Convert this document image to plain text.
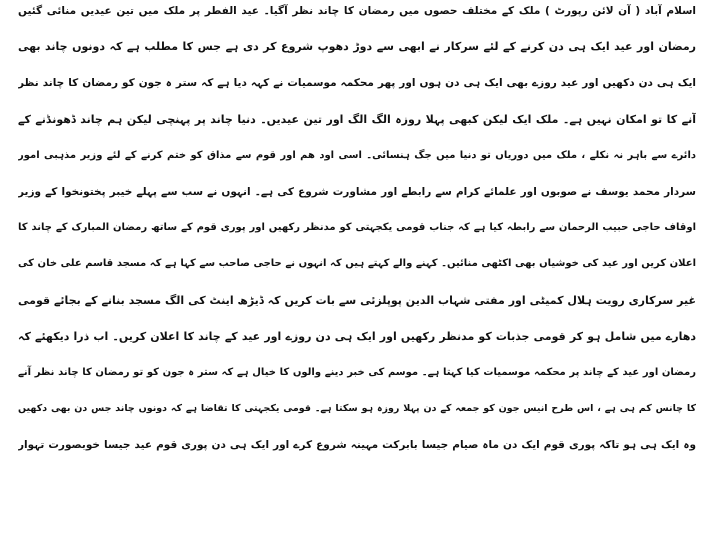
اسلام آباد ( آن لائن رپورٹ ) ملک کے مختلف حصوں میں رمضان کا چاند نظر آگیا۔ عید الفطر پر ملک میں تین عیدیں منائی گئیں
رمضان اور عید ایک ہی دن کرنے کے لئے سرکار نے ابھی سے دوڑ دھوپ شروع کر دی ہے جس کا مطلب ہے کہ دونوں چاند بھی
ایک ہی دن دکھیں اور عید روزے بھی ایک ہی دن ہوں اور پھر محکمہ موسمیات نے کہہ دیا ہے کہ ستر ہ جون کو رمضان کا چاند نظر
آنے کا تو امکان نہیں ہے۔ ملک ایک لیکن کبھی پہلا روزہ الگ الگ اور تین عیدیں۔ دنیا چاند پر پہنچی لیکن ہم چاند ڈھونڈنے کے
دائرے سے باہر نہ نکلے ، ملک میں دوریاں تو دنیا میں جگ ہنسائی۔ اسی اود ھم اور قوم سے مذاق کو ختم کرنے کے لئے وزیر مذہبی امور
سردار محمد یوسف نے صوبوں اور علمائے کرام سے رابطے اور مشاورت شروع کی ہے۔ انہوں نے سب سے پہلے خیبر پختونخوا کے وزیر
اوقاف حاجی حبیب الرحمان سے رابطہ کیا ہے کہ جناب قومی یکجہتی کو مدنظر رکھیں اور پوری قوم کے ساتھ رمضان المبارک کے چاند کا
اعلان کریں اور عید کی خوشیاں بھی اکٹھی منائیں۔ کہنے والے کہتے ہیں کہ انہوں نے حاجی صاحب سے کہا ہے کہ مسجد قاسم علی خان کی
غیر سرکاری رویت ہلال کمیٹی اور مفتی شہاب الدین پوپلزئی سے بات کریں کہ ڈیڑھ اینٹ کی الگ مسجد بنانے کے بجائے قومی
دھارے میں شامل ہو کر قومی جذبات کو مدنظر رکھیں اور ایک ہی دن روزے اور عید کے چاند کا اعلان کریں۔ اب ذرا دیکھئے کہ
رمضان اور عید کے چاند پر محکمہ موسمیات کیا کہتا ہے۔ موسم کی خبر دینے والوں کا خیال ہے کہ ستر ہ جون کو تو رمضان کا چاند نظر آنے
کا چانس کم ہی ہے ، اس طرح انیس جون کو جمعہ کے دن پہلا روزہ ہو سکتا ہے۔ قومی یکجہتی کا تقاضا ہے کہ دونوں چاند جس دن بھی دکھیں
وہ ایک ہی ہو تاکہ پوری قوم ایک دن ماہ صیام جیسا بابرکت مہینہ شروع کرے اور ایک ہی دن پوری قوم عید جیسا خوبصورت تہوار
